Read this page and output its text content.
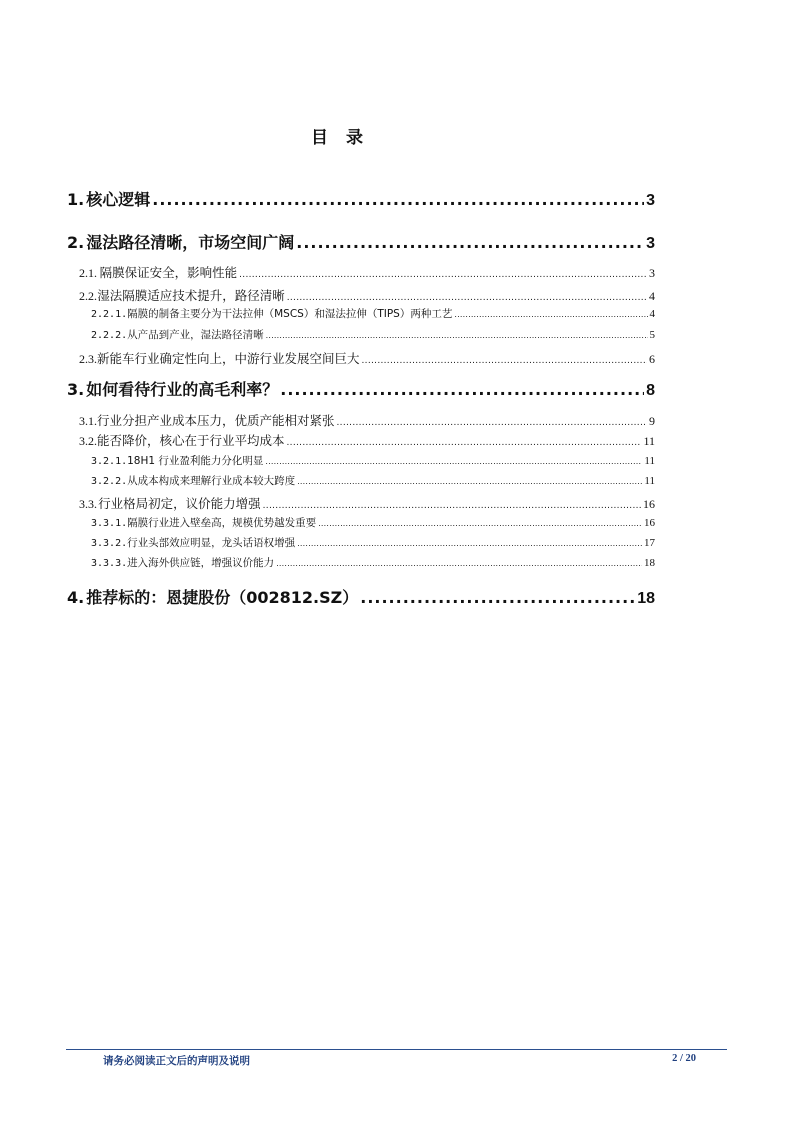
目 录
1. 核心逻辑 .....	3
2. 湿法路径清晰，市场空间广阔 .....	3
2.1. 隔膜保证安全，影响性能 .....	3
2.2. 湿法隔膜适应技术提升，路径清晰 .....	4
2.2.1. 隔膜的制备主要分为干法拉伸（MSCS）和湿法拉伸（TIPS）两种工艺 .....	4
2.2.2. 从产品到产业，湿法路径清晰 .....	5
2.3. 新能车行业确定性向上，中游行业发展空间巨大 .....	6
3. 如何看待行业的高毛利率？ .....	8
3.1. 行业分担产业成本压力，优质产能相对紧张 .....	9
3.2. 能否降价，核心在于行业平均成本 .....	11
3.2.1. 18H1 行业盈利能力分化明显 .....	11
3.2.2. 从成本构成来理解行业成本较大跨度 .....	11
3.3. 行业格局初定，议价能力增强 .....	16
3.3.1. 隔膜行业进入壁垒高，规模优势越发重要 .....	16
3.3.2. 行业头部效应明显，龙头话语权增强 .....	17
3.3.3. 进入海外供应链，增强议价能力 .....	18
4. 推荐标的：恩捷股份（002812.SZ） .....	18
请务必阅读正文后的声明及说明	2 / 20
